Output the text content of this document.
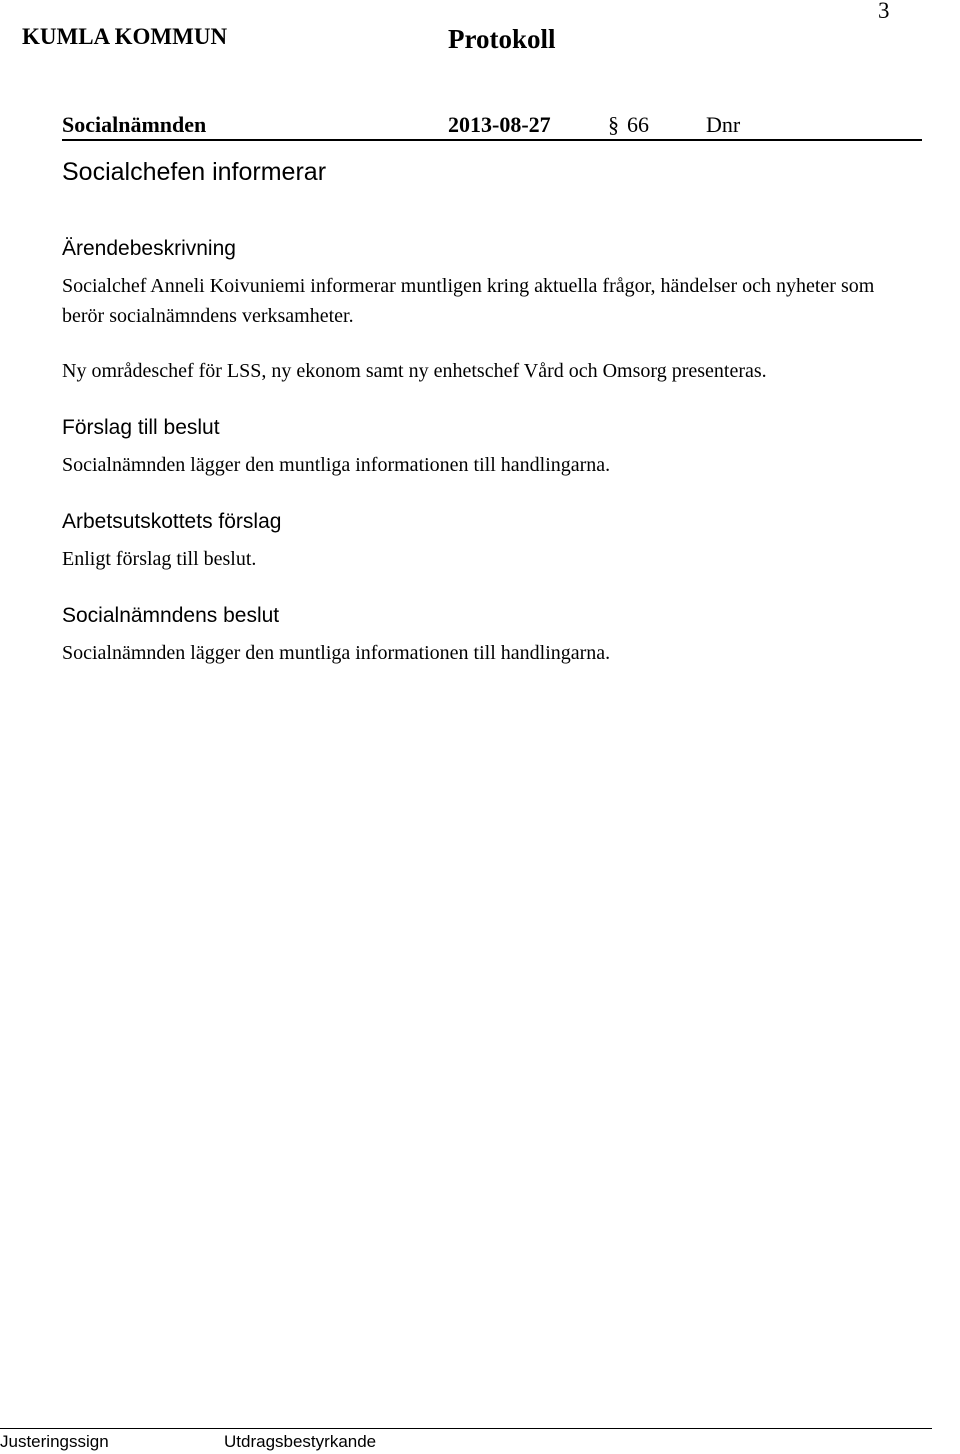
KUMLA KOMMUN	Protokoll
3
Socialnämnden	2013-08-27	§ 66	Dnr
Socialchefen informerar
Ärendebeskrivning
Socialchef Anneli Koivuniemi informerar muntligen kring aktuella frågor, händelser och nyheter som berör socialnämndens verksamheter.
Ny områdeschef för LSS, ny ekonom samt ny enhetschef Vård och Omsorg presenteras.
Förslag till beslut
Socialnämnden lägger den muntliga informationen till handlingarna.
Arbetsutskottets förslag
Enligt förslag till beslut.
Socialnämndens beslut
Socialnämnden lägger den muntliga informationen till handlingarna.
Justeringssign	Utdragsbestyrkande
